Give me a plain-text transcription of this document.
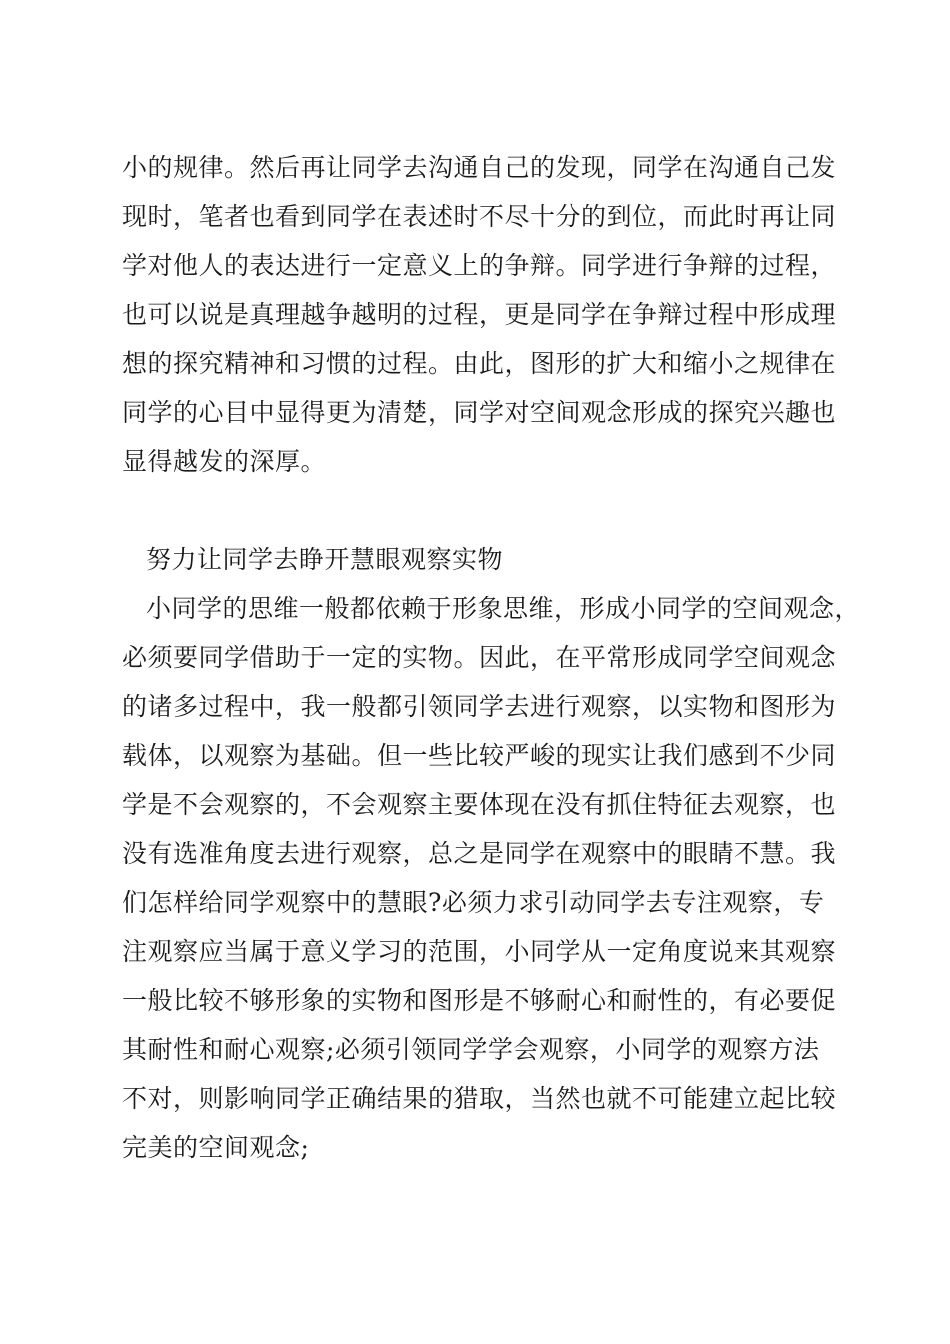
小的规律。然后再让同学去沟通自己的发现，同学在沟通自己发
现时，笔者也看到同学在表述时不尽十分的到位，而此时再让同
学对他人的表达进行一定意义上的争辩。同学进行争辩的过程，
也可以说是真理越争越明的过程，更是同学在争辩过程中形成理
想的探究精神和习惯的过程。由此，图形的扩大和缩小之规律在
同学的心目中显得更为清楚，同学对空间观念形成的探究兴趣也
显得越发的深厚。
努力让同学去睁开慧眼观察实物
小同学的思维一般都依赖于形象思维，形成小同学的空间观念，
必须要同学借助于一定的实物。因此，在平常形成同学空间观念
的诸多过程中，我一般都引领同学去进行观察，以实物和图形为
载体，以观察为基础。但一些比较严峻的现实让我们感到不少同
学是不会观察的，不会观察主要体现在没有抓住特征去观察，也
没有选准角度去进行观察，总之是同学在观察中的眼睛不慧。我
们怎样给同学观察中的慧眼?必须力求引动同学去专注观察，专
注观察应当属于意义学习的范围，小同学从一定角度说来其观察
一般比较不够形象的实物和图形是不够耐心和耐性的，有必要促
其耐性和耐心观察;必须引领同学学会观察，小同学的观察方法
不对，则影响同学正确结果的猎取，当然也就不可能建立起比较
完美的空间观念;
